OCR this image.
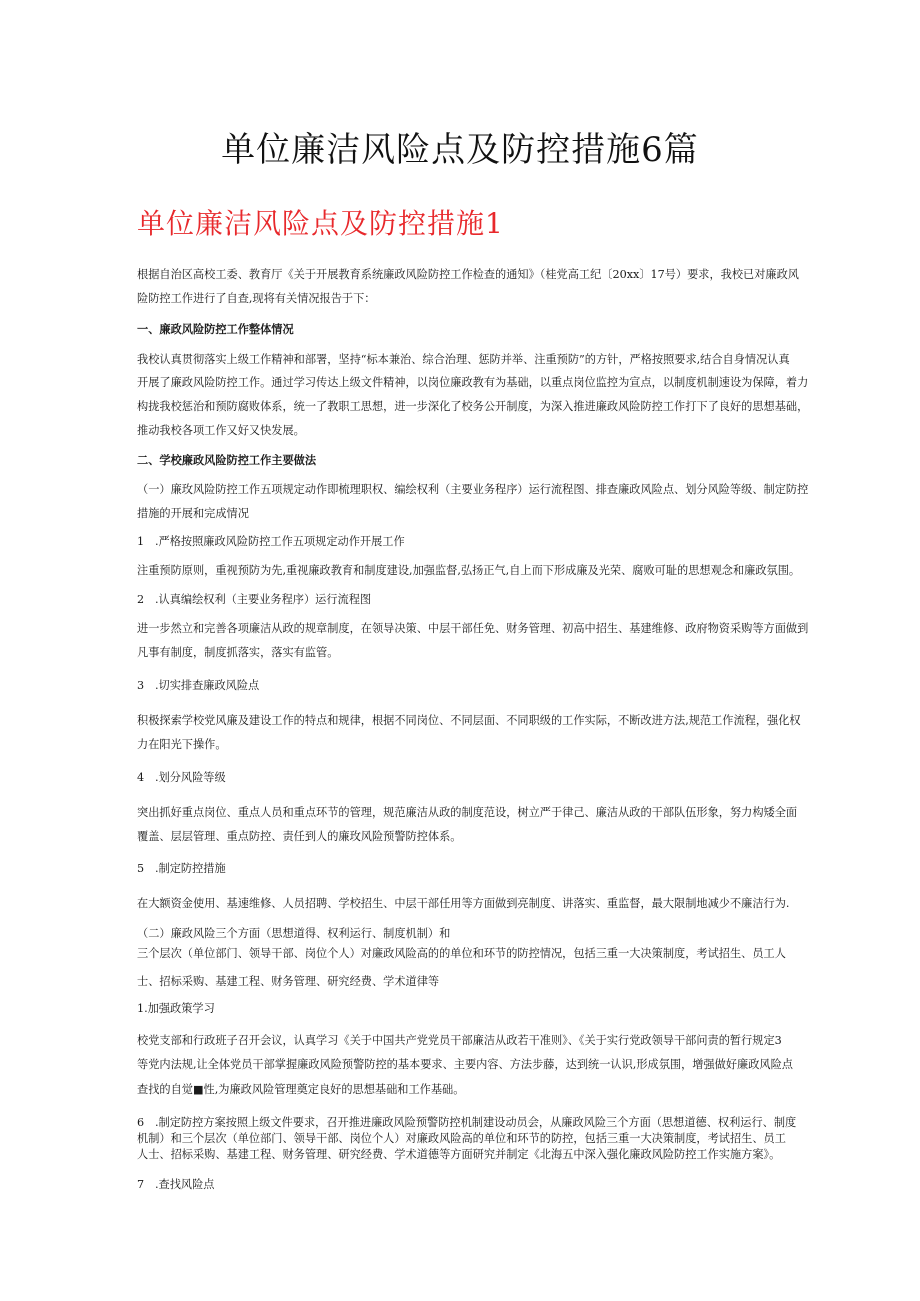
单位廉洁风险点及防控措施6篇
单位廉洁风险点及防控措施1
根据自治区高校工委、教育厅《关于开展教育系统廉政风险防控工作检查的通知》（桂党高工纪〔20xx〕17号）要求，我校已对廉政风
险防控工作进行了自查,现将有关情况报告于下：
一、廉政风险防控工作整体情况
我校认真贯彻落实上级工作精神和部署，坚持“标本兼治、综合治理、惩防并举、注重预防”的方针，严格按照要求,结合自身情况认真
开展了廉政风险防控工作。通过学习传达上级文件精神，以岗位廉政教有为基础，以重点岗位监控为宣点，以制度机制速设为保障，着力
构拢我校惩治和预防腐败体系，统一了教职工思想，进一步深化了校务公开制度，为深入推进廉政风险防控工作打下了良好的思想基础，
推动我校各项工作又好又快发展。
二、学校廉政风险防控工作主要做法
（一）廉玫风险防控工作五项规定动作即梳理职权、编绘权利（主要业务程序）运行流程图、排查廉政风险点、划分风险等级、制定防控
措施的开展和完成情况
1 .严格按照廉政风险防控工作五项规定动作开展工作
注重预防原则，重视预防为先,重视廉政教育和制度建设,加强监督,弘扬正气,自上而下形成廉及光荣、腐败可耻的思想观念和廉政氛围。
2 .认真编绘权利（主要业务程序）运行流程图
进一步然立和完善各项廉洁从政的规章制度，在领导决策、中层干部任免、财务管理、初高中招生、基建维修、政府物资采购等方面做到
凡事有制度，制度抓落实，落实有监管。
3 .切实排查廉政风险点
积极探索学校党风廉及建设工作的特点和规律，根据不同岗位、不同层面、不同职级的工作实际，不断改进方法,规范工作流程，强化权
力在阳光下操作。
4 .划分风险等级
突出抓好重点岗位、重点人员和重点环节的管理，规范廉洁从政的制度范设，树立严于律己、廉洁从政的干部队伍形象，努力构矮全面
覆盖、层层管理、重点防控、责任到人的廉玫风险预警防控体系。
5 .制定防控措施
在大额资金使用、基速维修、人员招聘、学校招生、中层干部任用等方面做到亮制度、讲落实、重监督，最大限制地减少不廉洁行为.
（二）廉政风险三个方面（思想道得、权利运行、制度机制）和
三个层次（单位部门、领导干部、岗位个人）对廉政风险高的的单位和环节的防控情况，包括三重一大决策制度，考试招生、员工人
士、招标采购、基建工程、财务管理、研究经费、学术道律等
1.加强政策学习
校党支部和行政班子召开会议，认真学习《关于中国共产党党员干部廉洁从政若干准则》、《关于实行党政领导干部问责的暂行规定3
等党内法规,让全体党员干部掌握廉政风险预警防控的基本要求、主要内容、方法步藤，达到统一认识,形成氛围，增强做好廉政风险点
查找的自觉■性,为廉政风险管理奠定良好的思想基础和工作基础。
6 .制定防控方案按照上级文件要求，召开推进廉政风险预警防控机制建设动员会，从廉政风险三个方面（思想道德、权利运行、制度
机制）和三个层次（单位部门、领导干部、岗位个人）对廉政风险高的单位和环节的防控，包括三重一大决策制度，考试招生、员工
人士、招标采购、基建工程、财务管理、研究经费、学术道德等方面研究并制定《北海五中深入强化廉政风险防控工作实施方案》。
7 .查找风险点
